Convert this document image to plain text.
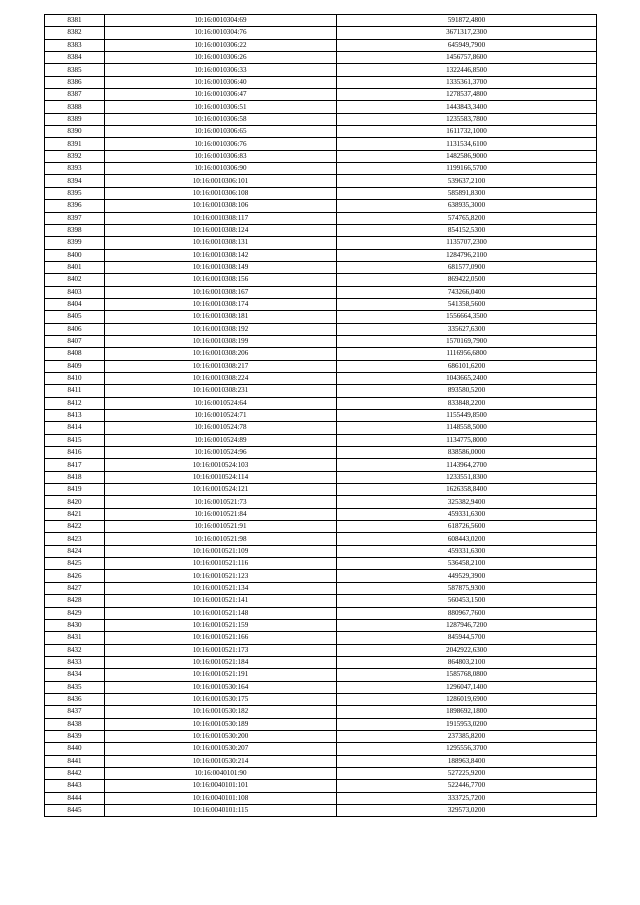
8381	10:16:0010304:69	591872,4800
8382	10:16:0010304:76	3671317,2300
8383	10:16:0010306:22	645949,7900
8384	10:16:0010306:26	1456757,8600
8385	10:16:0010306:33	1322446,8500
8386	10:16:0010306:40	1335361,3700
8387	10:16:0010306:47	1278537,4800
8388	10:16:0010306:51	1443843,3400
8389	10:16:0010306:58	1235583,7800
8390	10:16:0010306:65	1611732,1000
8391	10:16:0010306:76	1131534,6100
8392	10:16:0010306:83	1482586,9000
8393	10:16:0010306:90	1199166,5700
8394	10:16:0010306:101	539637,2100
8395	10:16:0010306:108	585891,8300
8396	10:16:0010308:106	638935,3000
8397	10:16:0010308:117	574765,8200
8398	10:16:0010308:124	854152,5300
8399	10:16:0010308:131	1135707,2300
8400	10:16:0010308:142	1284796,2100
8401	10:16:0010308:149	681577,0900
8402	10:16:0010308:156	869422,0500
8403	10:16:0010308:167	743266,0400
8404	10:16:0010308:174	541358,5600
8405	10:16:0010308:181	1556664,3500
8406	10:16:0010308:192	335627,6300
8407	10:16:0010308:199	1570169,7900
8408	10:16:0010308:206	1116956,6800
8409	10:16:0010308:217	686101,6200
8410	10:16:0010308:224	1043665,2400
8411	10:16:0010308:231	893580,5200
8412	10:16:0010524:64	833848,2200
8413	10:16:0010524:71	1155449,8500
8414	10:16:0010524:78	1148558,5000
8415	10:16:0010524:89	1134775,8000
8416	10:16:0010524:96	838586,0000
8417	10:16:0010524:103	1143964,2700
8418	10:16:0010524:114	1233551,8300
8419	10:16:0010524:121	1626358,8400
8420	10:16:0010521:73	325382,9400
8421	10:16:0010521:84	459331,6300
8422	10:16:0010521:91	618726,5600
8423	10:16:0010521:98	608443,0200
8424	10:16:0010521:109	459331,6300
8425	10:16:0010521:116	536458,2100
8426	10:16:0010521:123	449529,3900
8427	10:16:0010521:134	587875,9300
8428	10:16:0010521:141	560453,1500
8429	10:16:0010521:148	880967,7600
8430	10:16:0010521:159	1287946,7200
8431	10:16:0010521:166	845944,5700
8432	10:16:0010521:173	2042922,6300
8433	10:16:0010521:184	864803,2100
8434	10:16:0010521:191	1585768,0800
8435	10:16:0010530:164	1296047,1400
8436	10:16:0010530:175	1286019,6900
8437	10:16:0010530:182	1898692,1800
8438	10:16:0010530:189	1915953,0200
8439	10:16:0010530:200	237385,8200
8440	10:16:0010530:207	1295556,3700
8441	10:16:0010530:214	188963,8400
8442	10:16:0040101:90	527225,9200
8443	10:16:0040101:101	522446,7700
8444	10:16:0040101:108	333725,7200
8445	10:16:0040101:115	329573,0200
